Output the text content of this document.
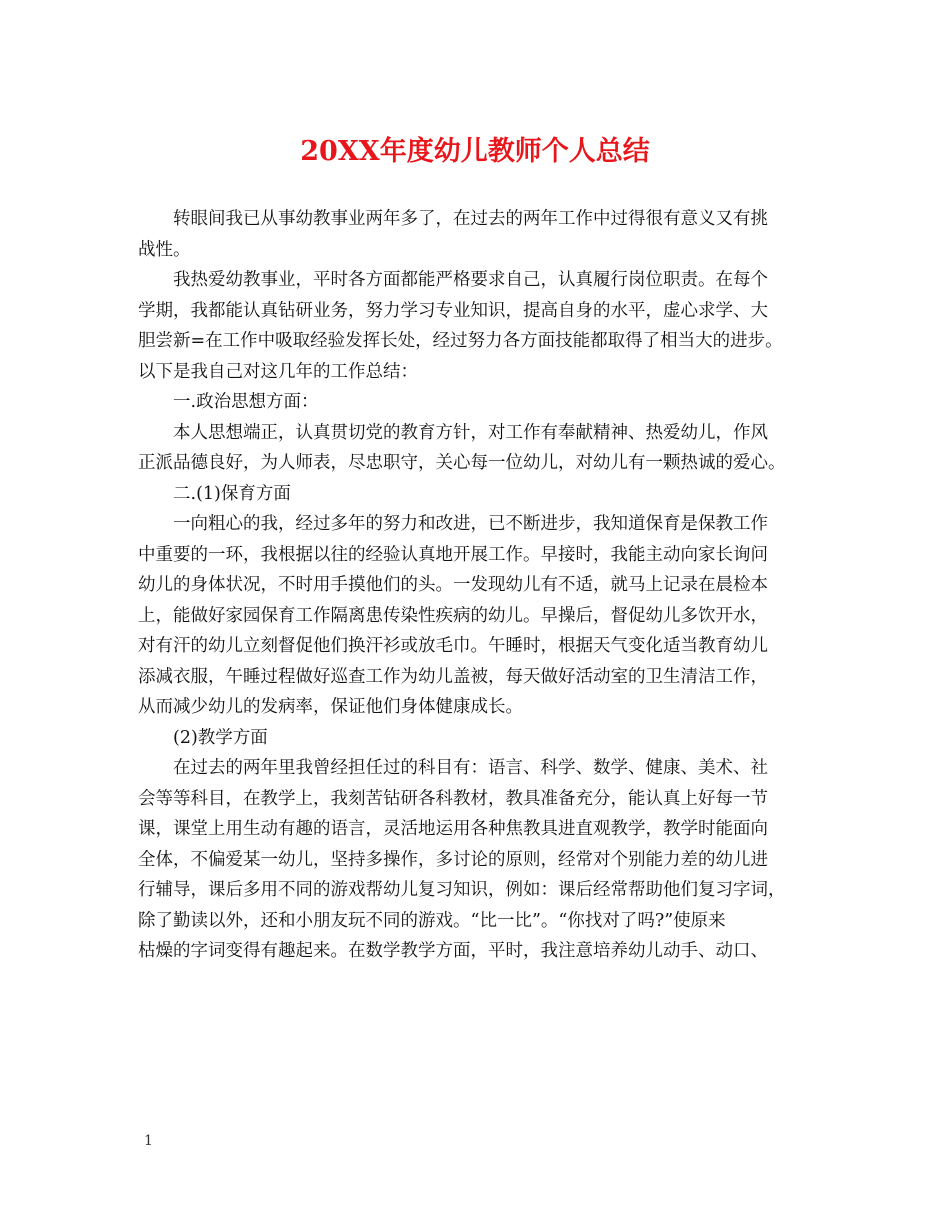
20XX年度幼儿教师个人总结
转眼间我已从事幼教事业两年多了，在过去的两年工作中过得很有意义又有挑
战性。
我热爱幼教事业，平时各方面都能严格要求自己，认真履行岗位职责。在每个
学期，我都能认真钻研业务，努力学习专业知识，提高自身的水平，虚心求学、大
胆尝新=在工作中吸取经验发挥长处，经过努力各方面技能都取得了相当大的进步。
以下是我自己对这几年的工作总结：
一.政治思想方面：
本人思想端正，认真贯切党的教育方针，对工作有奉献精神、热爱幼儿，作风
正派品德良好，为人师表，尽忠职守，关心每一位幼儿，对幼儿有一颗热诚的爱心。
二.(1)保育方面
一向粗心的我，经过多年的努力和改进，已不断进步，我知道保育是保教工作
中重要的一环，我根据以往的经验认真地开展工作。早接时，我能主动向家长询问
幼儿的身体状况，不时用手摸他们的头。一发现幼儿有不适，就马上记录在晨检本
上，能做好家园保育工作隔离患传染性疾病的幼儿。早操后，督促幼儿多饮开水，
对有汗的幼儿立刻督促他们换汗衫或放毛巾。午睡时，根据天气变化适当教育幼儿
添减衣服，午睡过程做好巡查工作为幼儿盖被，每天做好活动室的卫生清洁工作，
从而减少幼儿的发病率，保证他们身体健康成长。
(2)教学方面
在过去的两年里我曾经担任过的科目有：语言、科学、数学、健康、美术、社
会等等科目，在教学上，我刻苦钻研各科教材，教具准备充分，能认真上好每一节
课，课堂上用生动有趣的语言，灵活地运用各种焦教具进直观教学，教学时能面向
全体，不偏爱某一幼儿，坚持多操作，多讨论的原则，经常对个别能力差的幼儿进
行辅导，课后多用不同的游戏帮幼儿复习知识，例如：课后经常帮助他们复习字词，
除了勤读以外，还和小朋友玩不同的游戏。“比一比”。“你找对了吗?”使原来
枯燥的字词变得有趣起来。在数学教学方面，平时，我注意培养幼儿动手、动口、
1
